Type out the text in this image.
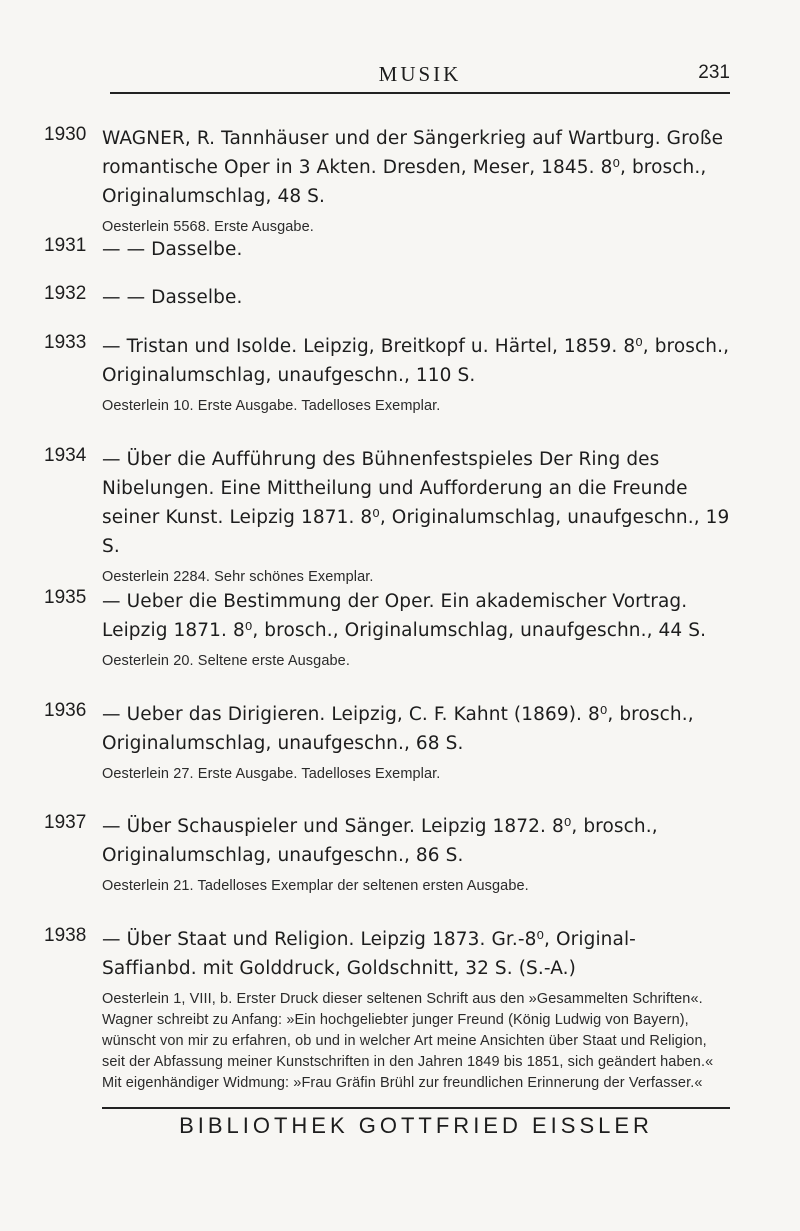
MUSIK	231
1930 WAGNER, R. Tannhäuser und der Sängerkrieg auf Wartburg. Große romantische Oper in 3 Akten. Dresden, Meser, 1845. 8⁰, brosch., Originalumschlag, 48 S.
Oesterlein 5568. Erste Ausgabe.
1931 — — Dasselbe.
1932 — — Dasselbe.
1933 — Tristan und Isolde. Leipzig, Breitkopf u. Härtel, 1859. 8⁰, brosch., Originalumschlag, unaufgeschn., 110 S.
Oesterlein 10. Erste Ausgabe. Tadelloses Exemplar.
1934 — Über die Aufführung des Bühnenfestspieles Der Ring des Nibelungen. Eine Mittheilung und Aufforderung an die Freunde seiner Kunst. Leipzig 1871. 8⁰, Originalumschlag, unaufgeschn., 19 S.
Oesterlein 2284. Sehr schönes Exemplar.
1935 — Ueber die Bestimmung der Oper. Ein akademischer Vortrag. Leipzig 1871. 8⁰, brosch., Originalumschlag, unaufgeschn., 44 S.
Oesterlein 20. Seltene erste Ausgabe.
1936 — Ueber das Dirigieren. Leipzig, C. F. Kahnt (1869). 8⁰, brosch., Originalumschlag, unaufgeschn., 68 S.
Oesterlein 27. Erste Ausgabe. Tadelloses Exemplar.
1937 — Über Schauspieler und Sänger. Leipzig 1872. 8⁰, brosch., Originalumschlag, unaufgeschn., 86 S.
Oesterlein 21. Tadelloses Exemplar der seltenen ersten Ausgabe.
1938 — Über Staat und Religion. Leipzig 1873. Gr.-8⁰, Original-Saffianbd. mit Golddruck, Goldschnitt, 32 S. (S.-A.)
Oesterlein 1, VIII, b. Erster Druck dieser seltenen Schrift aus den »Gesammelten Schriften«. Wagner schreibt zu Anfang: »Ein hochgeliebter junger Freund (König Ludwig von Bayern), wünscht von mir zu erfahren, ob und in welcher Art meine Ansichten über Staat und Religion, seit der Abfassung meiner Kunstschriften in den Jahren 1849 bis 1851, sich geändert haben.« Mit eigenhändiger Widmung: »Frau Gräfin Brühl zur freundlichen Erinnerung der Verfasser.«
BIBLIOTHEK GOTTFRIED EISSLER
